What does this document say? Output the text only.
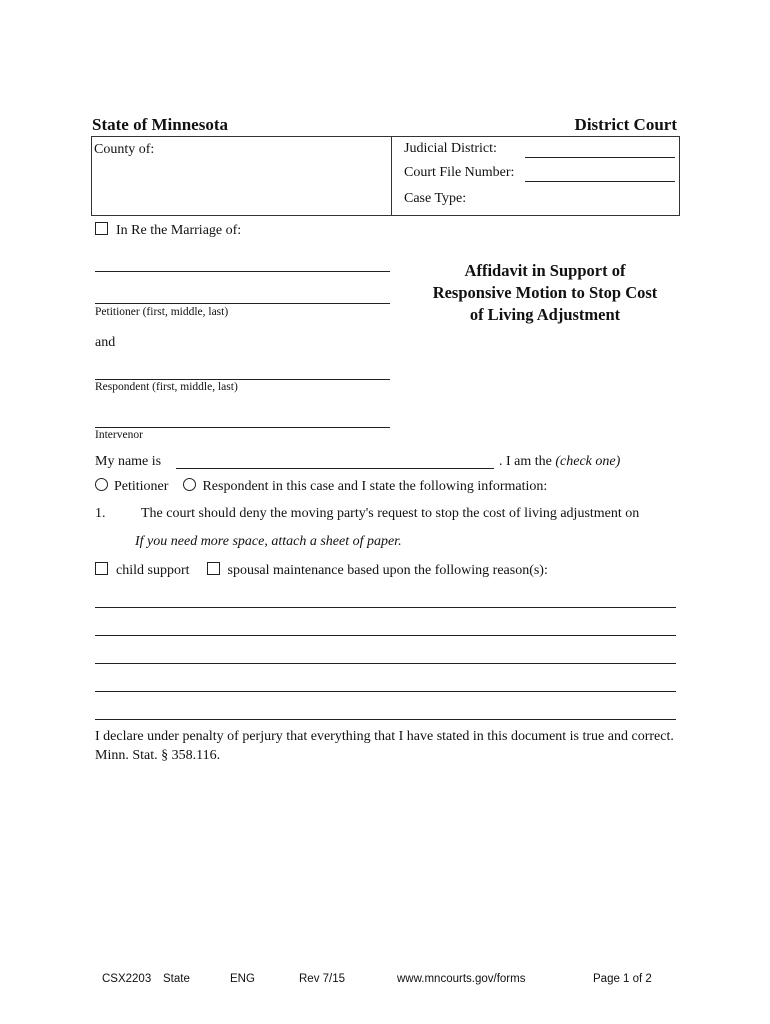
State of Minnesota	District Court
County of:	Judicial District:
Court File Number:
Case Type:
In Re the Marriage of:
Petitioner (first, middle, last)
and
Respondent (first, middle, last)
Intervenor
Affidavit in Support of
Responsive Motion to Stop Cost
of Living Adjustment
My name is	. I am the (check one)
Petitioner Respondent in this case and I state the following information:
1.	The court should deny the moving party's request to stop the cost of living adjustment on
If you need more space, attach a sheet of paper.
child support	spousal maintenance based upon the following reason(s):
I declare under penalty of perjury that everything that I have stated in this document is true and correct. Minn. Stat. § 358.116.
CSX2203 State	ENG	Rev 7/15	www.mncourts.gov/forms	Page 1 of 2
